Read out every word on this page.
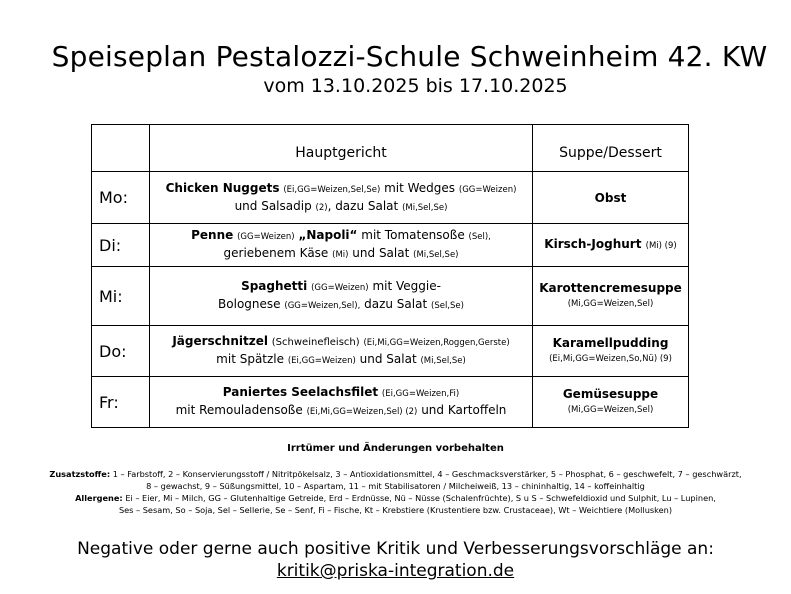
Speiseplan Pestalozzi-Schule Schweinheim 42. KW
vom 13.10.2025 bis 17.10.2025
	Hauptgericht	Suppe/Dessert
Mo:	Chicken Nuggets (Ei,GG=Weizen,Sel,Se) mit Wedges (GG=Weizen)
und Salsadip (2), dazu Salat (Mi,Sel,Se)	Obst
Di:	Penne (GG=Weizen) „Napoli“ mit Tomatensoße (Sel),
geriebenem Käse (Mi) und Salat (Mi,Sel,Se)	Kirsch-Joghurt (Mi) (9)
Mi:	Spaghetti (GG=Weizen) mit Veggie-
Bolognese (GG=Weizen,Sel), dazu Salat (Sel,Se)	Karottencremesuppe
(Mi,GG=Weizen,Sel)
Do:	Jägerschnitzel (Schweinefleisch) (Ei,Mi,GG=Weizen,Roggen,Gerste)
mit Spätzle (Ei,GG=Weizen) und Salat (Mi,Sel,Se)	Karamellpudding
(Ei,Mi,GG=Weizen,So,Nü) (9)
Fr:	Paniertes Seelachsfilet (Ei,GG=Weizen,Fi)
mit Remouladensoße (Ei,Mi,GG=Weizen,Sel) (2) und Kartoffeln	Gemüsesuppe
(Mi,GG=Weizen,Sel)
Irrtümer und Änderungen vorbehalten
Zusatzstoffe: 1 – Farbstoff, 2 – Konservierungsstoff / Nitritpökelsalz, 3 – Antioxidationsmittel, 4 – Geschmacksverstärker, 5 – Phosphat, 6 – geschwefelt, 7 – geschwärzt,
8 – gewachst, 9 – Süßungsmittel, 10 – Aspartam, 11 – mit Stabilisatoren / Milcheiweiß, 13 – chininhaltig, 14 – koffeinhaltig
Allergene: Ei – Eier, Mi – Milch, GG – Glutenhaltige Getreide, Erd – Erdnüsse, Nü – Nüsse (Schalenfrüchte), S u S – Schwefeldioxid und Sulphit, Lu – Lupinen,
Ses – Sesam, So – Soja, Sel – Sellerie, Se – Senf, Fi – Fische, Kt – Krebstiere (Krustentiere bzw. Crustaceae), Wt – Weichtiere (Mollusken)
Negative oder gerne auch positive Kritik und Verbesserungsvorschläge an:
kritik@priska-integration.de
